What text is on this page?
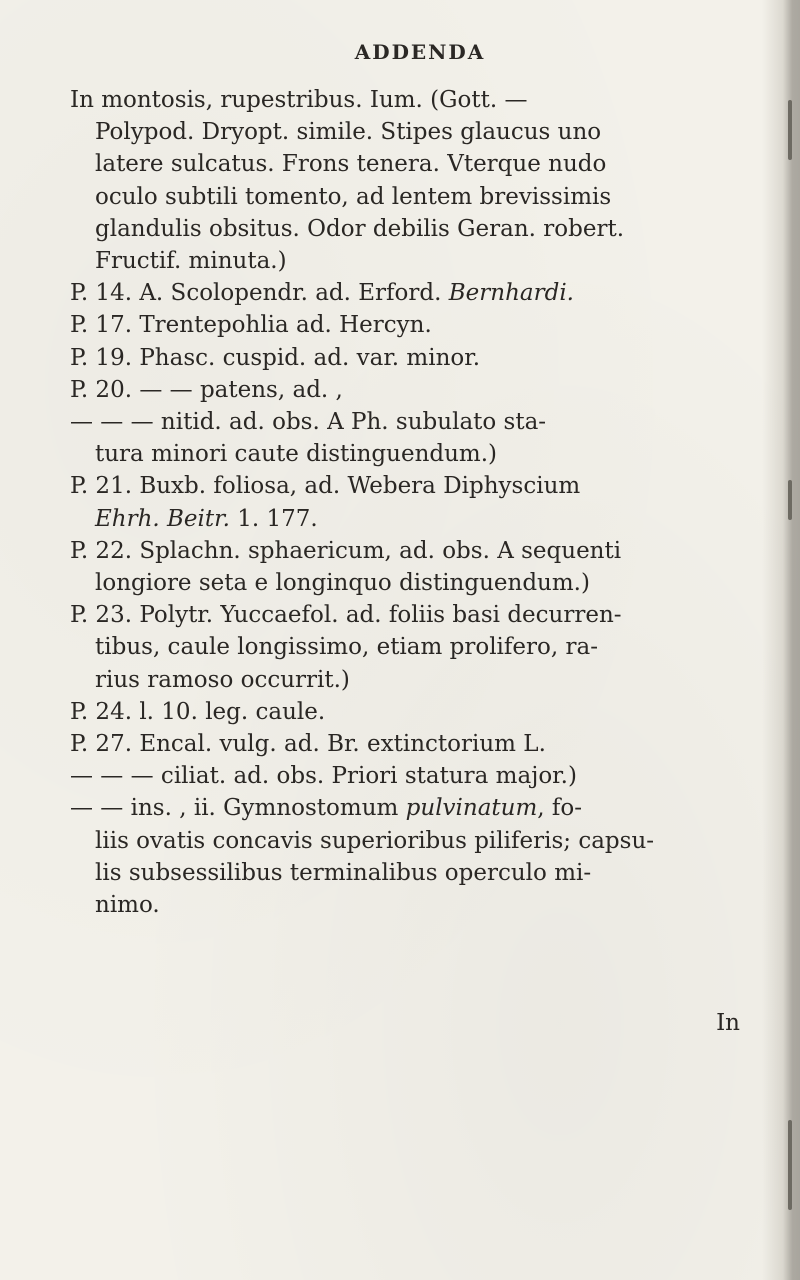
ADDENDA
In montosis, rupestribus. Ium. (Gott. —
Polypod. Dryopt. simile. Stipes glaucus uno
latere sulcatus. Frons tenera. Vterque nudo
oculo subtili tomento, ad lentem brevissimis
glandulis obsitus. Odor debilis Geran. robert.
Fructif. minuta.)
P. 14. A. Scolopendr. ad. Erford. Bernhardi.
P. 17. Trentepohlia ad. Hercyn.
P. 19. Phasc. cuspid. ad. var. minor.
P. 20. — — patens, ad. ,
— — — nitid. ad. obs. A Ph. subulato sta-
tura minori caute distinguendum.)
P. 21. Buxb. foliosa, ad. Webera Diphyscium
Ehrh. Beitr. 1. 177.
P. 22. Splachn. sphaericum, ad. obs. A sequenti
longiore seta e longinquo distinguendum.)
P. 23. Polytr. Yuccaefol. ad. foliis basi decurren-
tibus, caule longissimo, etiam prolifero, ra-
rius ramoso occurrit.)
P. 24. l. 10. leg. caule.
P. 27. Encal. vulg. ad. Br. extinctorium L.
— — — ciliat. ad. obs. Priori statura major.)
— — ins. , ii. Gymnostomum pulvinatum, fo-
liis ovatis concavis superioribus piliferis; capsu-
lis subsessilibus terminalibus operculo mi-
nimo.
In
